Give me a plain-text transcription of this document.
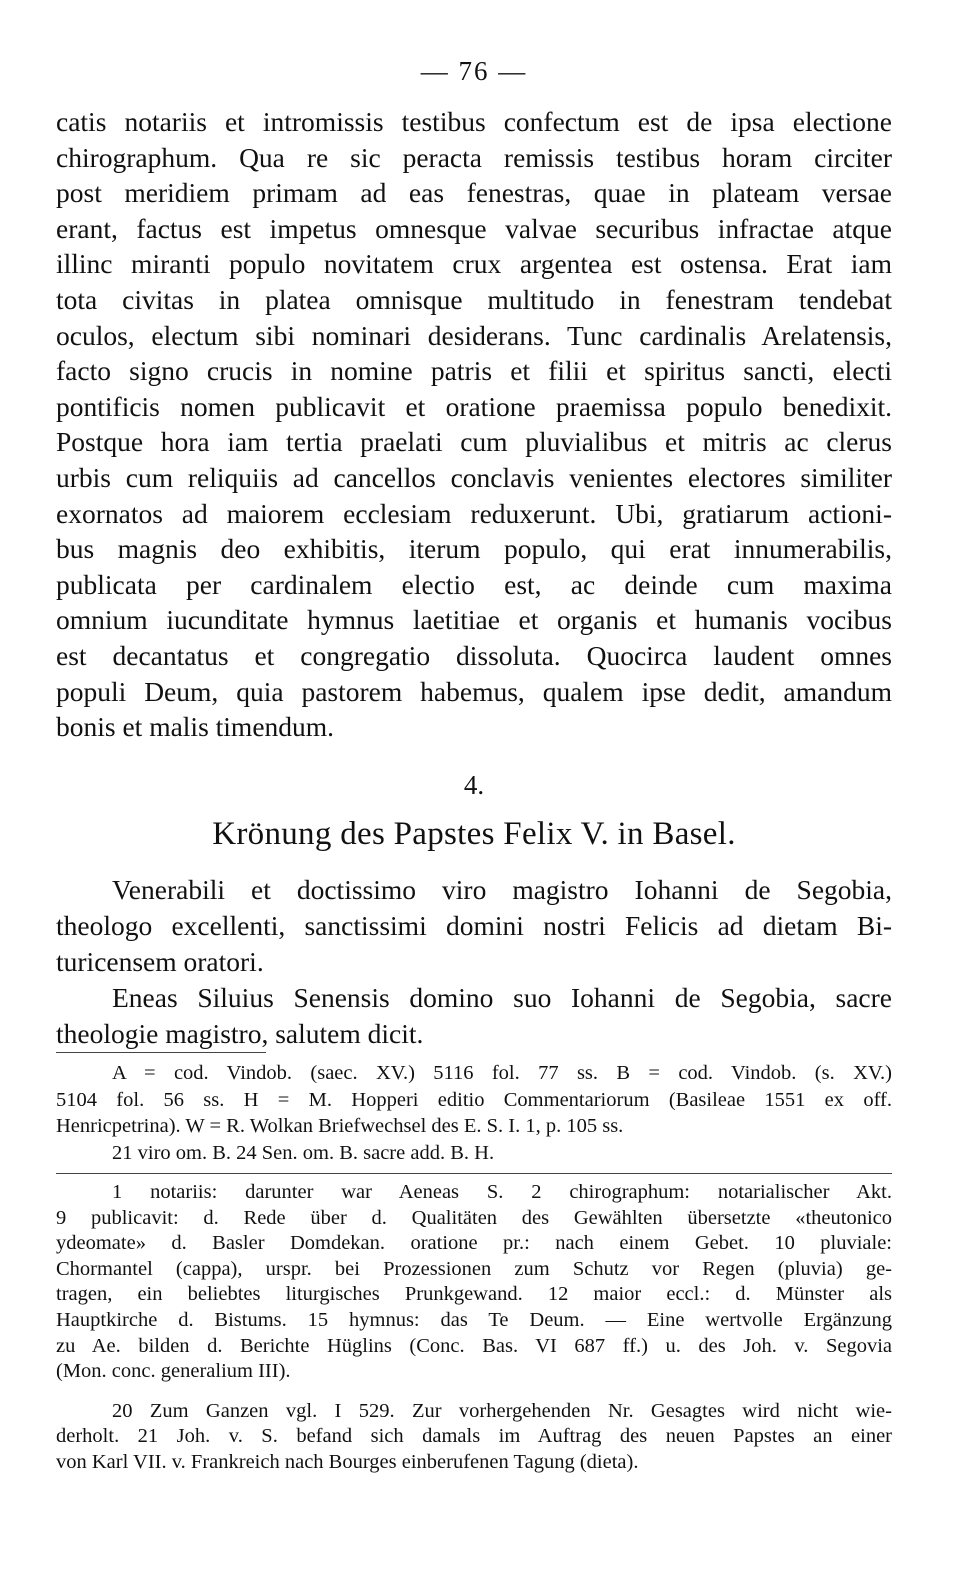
— 76 —
catis notariis et intromissis testibus confectum est de ipsa electione
chirographum. Qua re sic peracta remissis testibus horam circiter
post meridiem primam ad eas fenestras, quae in plateam versae
erant, factus est impetus omnesque valvae securibus infractae atque
illinc miranti populo novitatem crux argentea est ostensa. Erat iam
tota civitas in platea omnisque multitudo in fenestram tendebat
oculos, electum sibi nominari desiderans. Tunc cardinalis Arelatensis,
facto signo crucis in nomine patris et filii et spiritus sancti, electi
pontificis nomen publicavit et oratione praemissa populo benedixit.
Postque hora iam tertia praelati cum pluvialibus et mitris ac clerus
urbis cum reliquiis ad cancellos conclavis venientes electores similiter
exornatos ad maiorem ecclesiam reduxerunt. Ubi, gratiarum actioni-
bus magnis deo exhibitis, iterum populo, qui erat innumerabilis,
publicata per cardinalem electio est, ac deinde cum maxima
omnium iucunditate hymnus laetitiae et organis et humanis vocibus
est decantatus et congregatio dissoluta. Quocirca laudent omnes
populi Deum, quia pastorem habemus, qualem ipse dedit, amandum
bonis et malis timendum.
4.
Krönung des Papstes Felix V. in Basel.
Venerabili et doctissimo viro magistro Iohanni de Segobia,
theologo excellenti, sanctissimi domini nostri Felicis ad dietam Bi-
turicensem oratori.
Eneas Siluius Senensis domino suo Iohanni de Segobia, sacre
theologie magistro, salutem dicit.
A = cod. Vindob. (saec. XV.) 5116 fol. 77 ss. B = cod. Vindob. (s. XV.)
5104 fol. 56 ss. H = M. Hopperi editio Commentariorum (Basileae 1551 ex off.
Henricpetrina). W = R. Wolkan Briefwechsel des E. S. I. 1, p. 105 ss.
21 viro om. B. 24 Sen. om. B. sacre add. B. H.
1 notariis: darunter war Aeneas S. 2 chirographum: notarialischer Akt.
9 publicavit: d. Rede über d. Qualitäten des Gewählten übersetzte «theutonico
ydeomate» d. Basler Domdekan. oratione pr.: nach einem Gebet. 10 pluviale:
Chormantel (cappa), urspr. bei Prozessionen zum Schutz vor Regen (pluvia) ge-
tragen, ein beliebtes liturgisches Prunkgewand. 12 maior eccl.: d. Münster als
Hauptkirche d. Bistums. 15 hymnus: das Te Deum. — Eine wertvolle Ergänzung
zu Ae. bilden d. Berichte Hüglins (Conc. Bas. VI 687 ff.) u. des Joh. v. Segovia
(Mon. conc. generalium III).
20 Zum Ganzen vgl. I 529. Zur vorhergehenden Nr. Gesagtes wird nicht wie-
derholt. 21 Joh. v. S. befand sich damals im Auftrag des neuen Papstes an einer
von Karl VII. v. Frankreich nach Bourges einberufenen Tagung (dieta).
